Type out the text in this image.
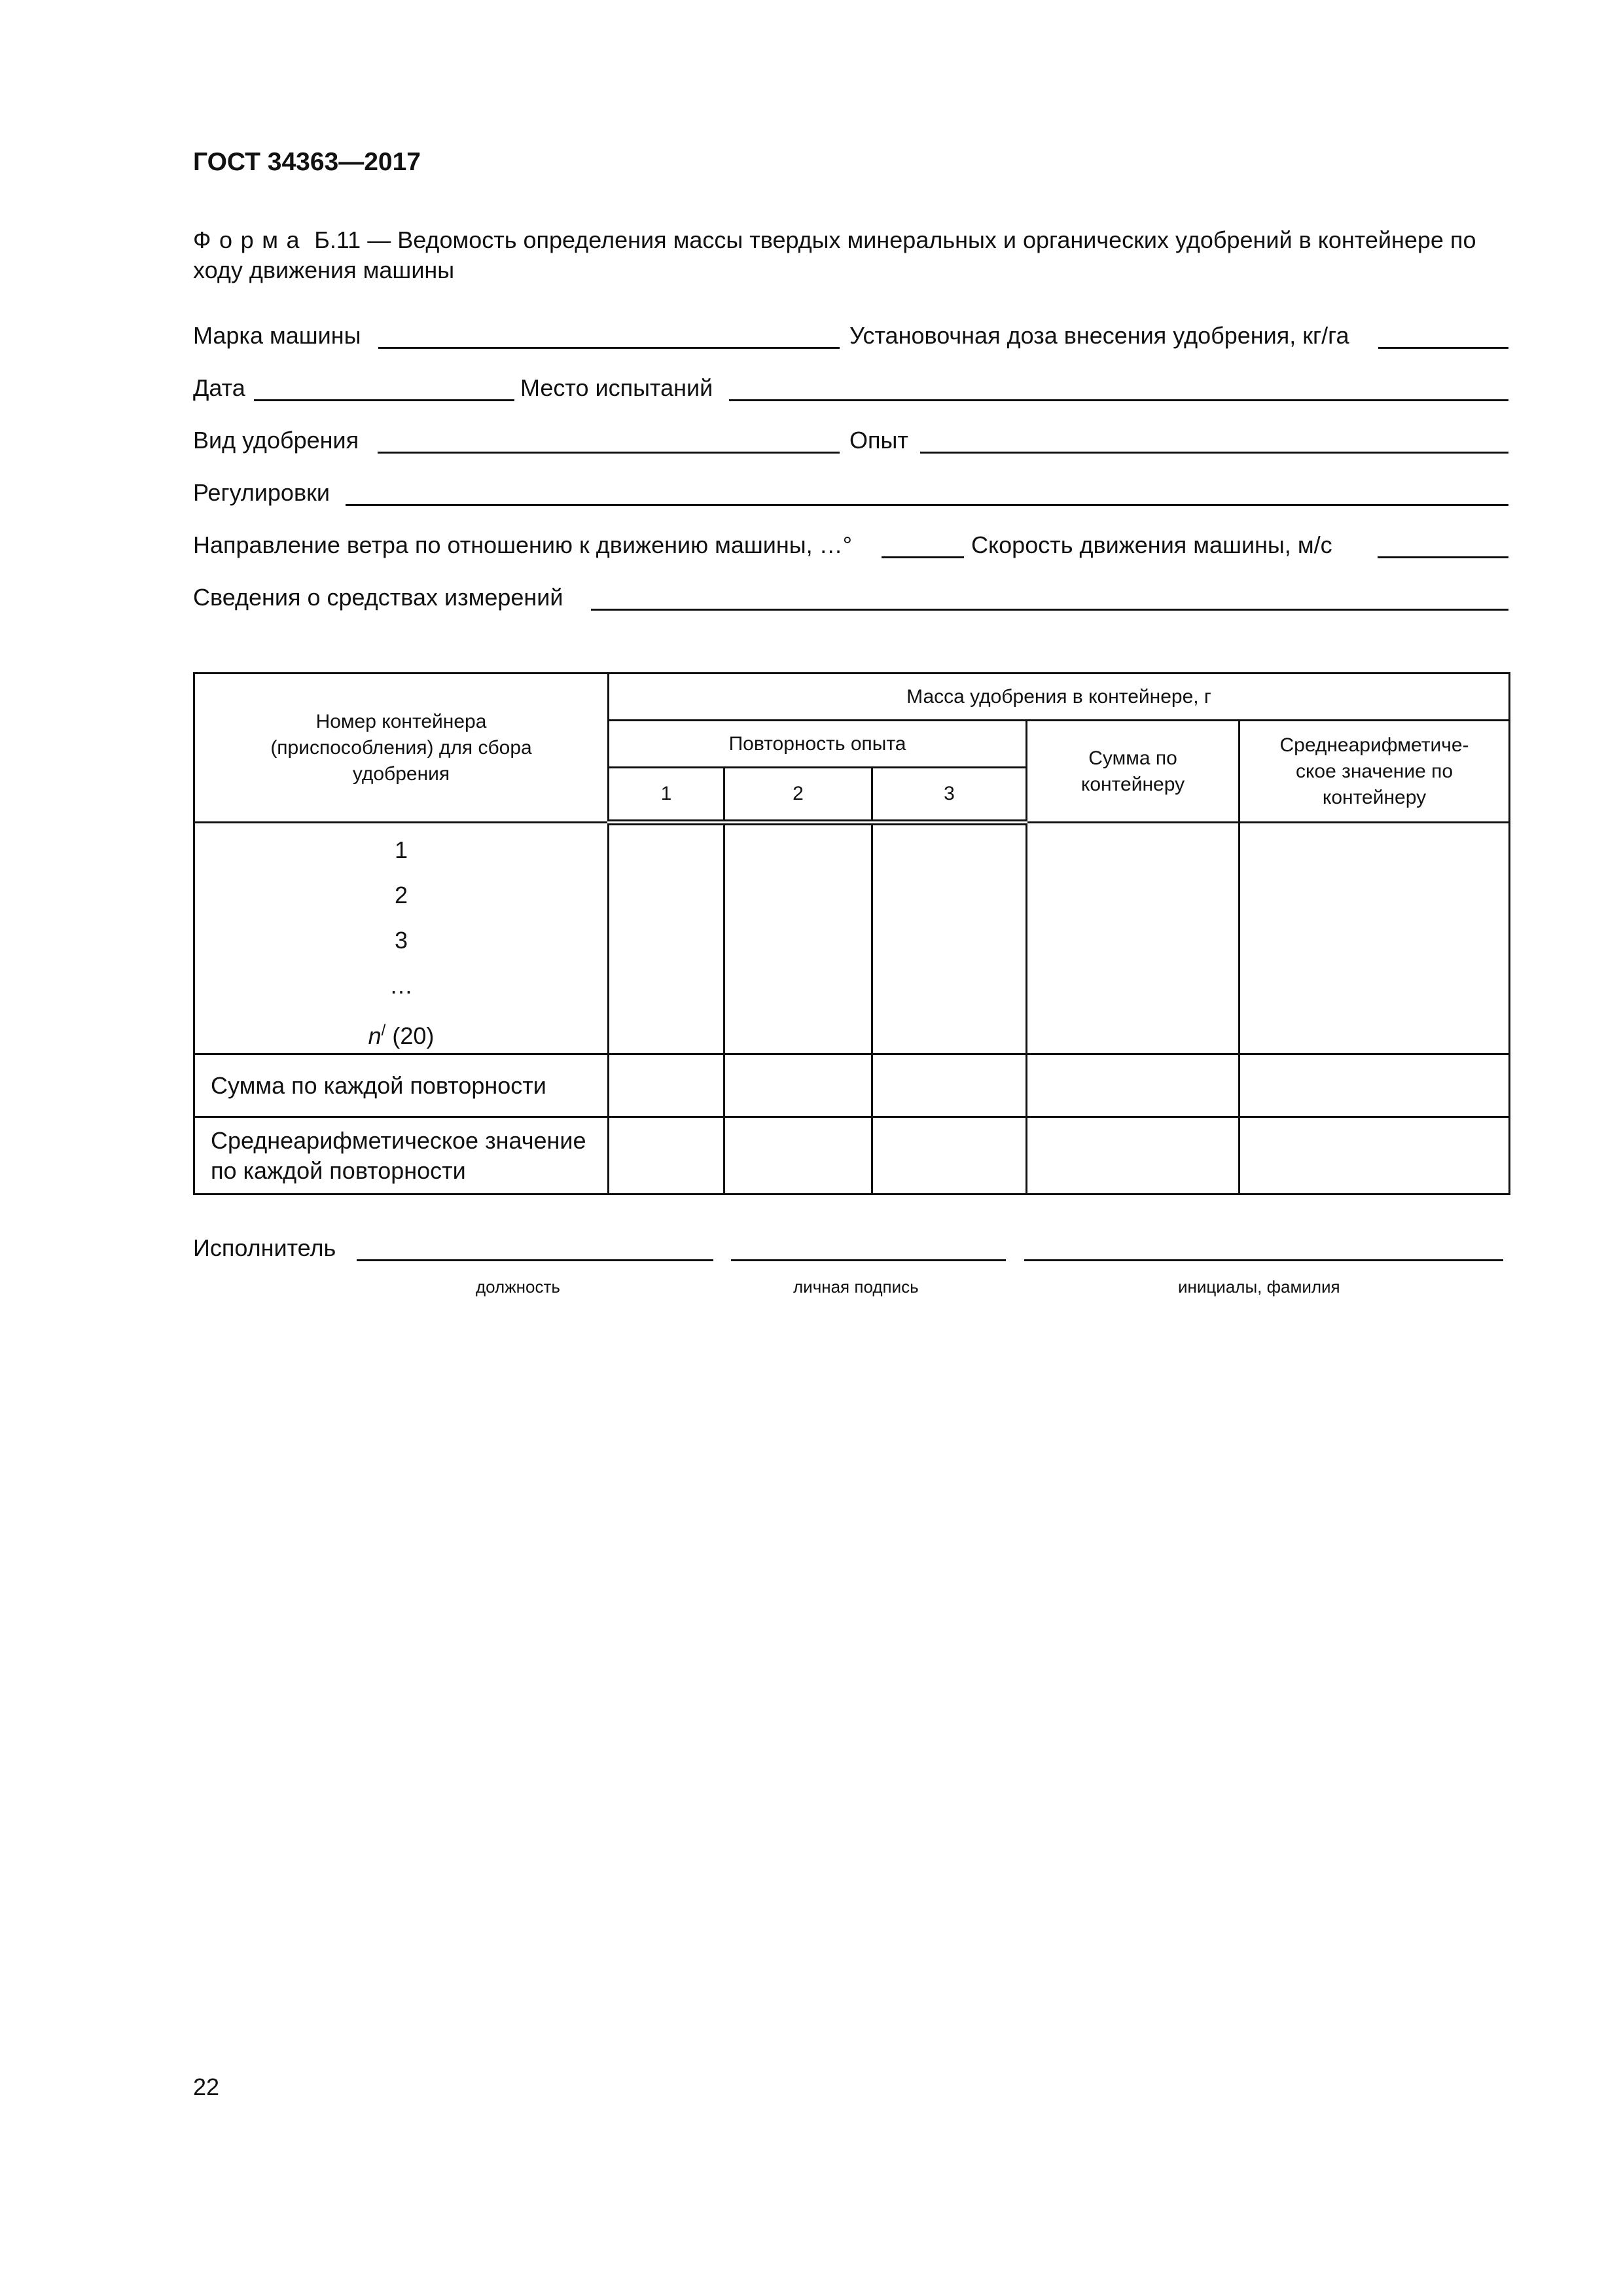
ГОСТ 34363—2017
Форма Б.11 — Ведомость определения массы твердых минеральных и органических удобрений в контейнере по ходу движения машины
Марка машины	Установочная доза внесения удобрения, кг/га
Дата	Место испытаний
Вид удобрения	Опыт
Регулировки
Направление ветра по отношению к движению машины, …°	Скорость движения машины, м/с
Сведения о средствах измерений
Номер контейнера (приспособления) для сбора удобрения	Масса удобрения в контейнере, г				
	Повторность опыта			Сумма по контейнеру	Среднеарифметиче-ское значение по контейнеру
	1	2	3		

1
2
3
…
n/ (20)					

Сумма по каждой повторности					
Среднеарифметическое значение по каждой повторности					
Исполнитель
должность	личная подпись	инициалы, фамилия
22
